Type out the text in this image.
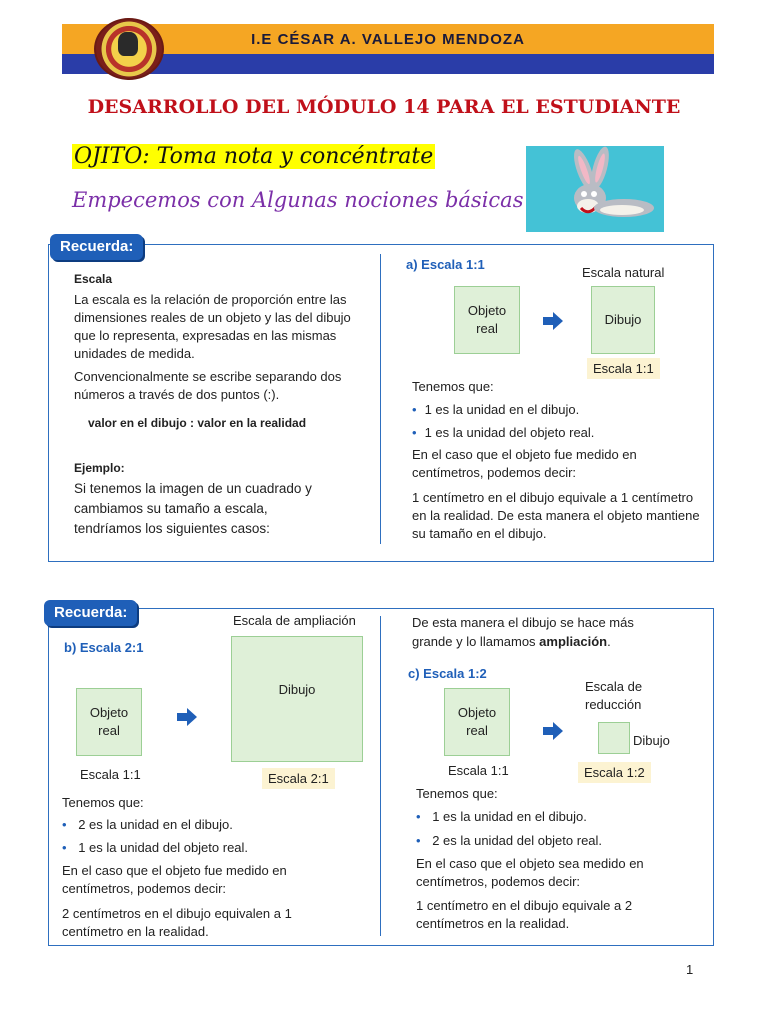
I.E CÉSAR A. VALLEJO MENDOZA
DESARROLLO DEL MÓDULO 14 PARA EL ESTUDIANTE
OJITO: Toma nota y concéntrate
Empecemos con Algunas nociones básicas
Recuerda:
Escala
La escala es la relación de proporción entre las
dimensiones reales de un objeto y las del dibujo
que lo representa, expresadas en las mismas
unidades de medida.
Convencionalmente se escribe separando dos
números a través de dos puntos (:).
valor en el dibujo : valor en la realidad
Ejemplo:
Si tenemos la imagen de un cuadrado y
cambiamos su tamaño a escala,
tendríamos los siguientes casos:
a) Escala 1:1
Escala natural
Objeto
real
Dibujo
Escala 1:1
Tenemos que:
• 1 es la unidad en el dibujo.
• 1 es la unidad del objeto real.
En el caso que el objeto fue medido en
centímetros, podemos decir:
1 centímetro en el dibujo equivale a 1 centímetro
en la realidad. De esta manera el objeto mantiene
su tamaño en el dibujo.
Recuerda:
b) Escala 2:1
Escala de ampliación
Objeto
real
Dibujo
Escala 1:1	Escala 2:1
Tenemos que:
• 2 es la unidad en el dibujo.
• 1 es la unidad del objeto real.
En el caso que el objeto fue medido en
centímetros, podemos decir:
2 centímetros en el dibujo equivalen a 1
centímetro en la realidad.
De esta manera el dibujo se hace más
grande y lo llamamos ampliación.
c) Escala 1:2
Escala de
reducción
Objeto
real
Dibujo
Escala 1:1	Escala 1:2
Tenemos que:
• 1 es la unidad en el dibujo.
• 2 es la unidad del objeto real.
En el caso que el objeto sea medido en
centímetros, podemos decir:
1 centímetro en el dibujo equivale a 2
centímetros en la realidad.
1
